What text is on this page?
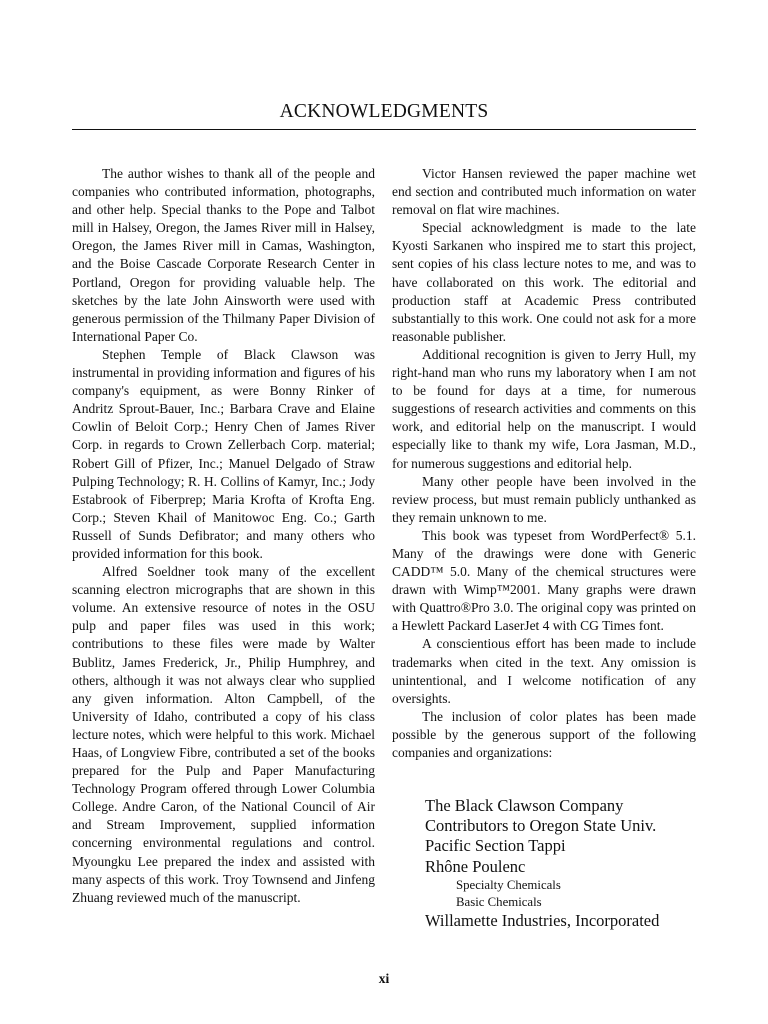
ACKNOWLEDGMENTS

The author wishes to thank all of the people and companies who contributed information, photographs, and other help. Special thanks to the Pope and Talbot mill in Halsey, Oregon, the James River mill in Halsey, Oregon, the James River mill in Camas, Washington, and the Boise Cascade Corporate Research Center in Portland, Oregon for providing valuable help. The sketches by the late John Ainsworth were used with generous permission of the Thilmany Paper Division of International Paper Co.

Stephen Temple of Black Clawson was instrumental in providing information and figures of his company's equipment, as were Bonny Rinker of Andritz Sprout-Bauer, Inc.; Barbara Crave and Elaine Cowlin of Beloit Corp.; Henry Chen of James River Corp. in regards to Crown Zellerbach Corp. material; Robert Gill of Pfizer, Inc.; Manuel Delgado of Straw Pulping Technology; R. H. Collins of Kamyr, Inc.; Jody Estabrook of Fiberprep; Maria Krofta of Krofta Eng. Corp.; Steven Khail of Manitowoc Eng. Co.; Garth Russell of Sunds Defibrator; and many others who provided information for this book.

Alfred Soeldner took many of the excellent scanning electron micrographs that are shown in this volume. An extensive resource of notes in the OSU pulp and paper files was used in this work; contributions to these files were made by Walter Bublitz, James Frederick, Jr., Philip Humphrey, and others, although it was not always clear who supplied any given information. Alton Campbell, of the University of Idaho, contributed a copy of his class lecture notes, which were helpful to this work. Michael Haas, of Longview Fibre, contributed a set of the books prepared for the Pulp and Paper Manufacturing Technology Program offered through Lower Columbia College. Andre Caron, of the National Council of Air and Stream Improvement, supplied information concerning environmental regulations and control. Myoungku Lee prepared the index and assisted with many aspects of this work. Troy Townsend and Jinfeng Zhuang reviewed much of the manuscript.

Victor Hansen reviewed the paper machine wet end section and contributed much information on water removal on flat wire machines.

Special acknowledgment is made to the late Kyosti Sarkanen who inspired me to start this project, sent copies of his class lecture notes to me, and was to have collaborated on this work. The editorial and production staff at Academic Press contributed substantially to this work. One could not ask for a more reasonable publisher.

Additional recognition is given to Jerry Hull, my right-hand man who runs my laboratory when I am not to be found for days at a time, for numerous suggestions of research activities and comments on this work, and editorial help on the manuscript. I would especially like to thank my wife, Lora Jasman, M.D., for numerous suggestions and editorial help.

Many other people have been involved in the review process, but must remain publicly unthanked as they remain unknown to me.

This book was typeset from WordPerfect® 5.1. Many of the drawings were done with Generic CADD™ 5.0. Many of the chemical structures were drawn with Wimp™2001. Many graphs were drawn with Quattro®Pro 3.0. The original copy was printed on a Hewlett Packard LaserJet 4 with CG Times font.

A conscientious effort has been made to include trademarks when cited in the text. Any omission is unintentional, and I welcome notification of any oversights.

The inclusion of color plates has been made possible by the generous support of the following companies and organizations:

The Black Clawson Company
Contributors to Oregon State Univ.
Pacific Section Tappi
Rhône Poulenc
Specialty Chemicals
Basic Chemicals
Willamette Industries, Incorporated
xi
